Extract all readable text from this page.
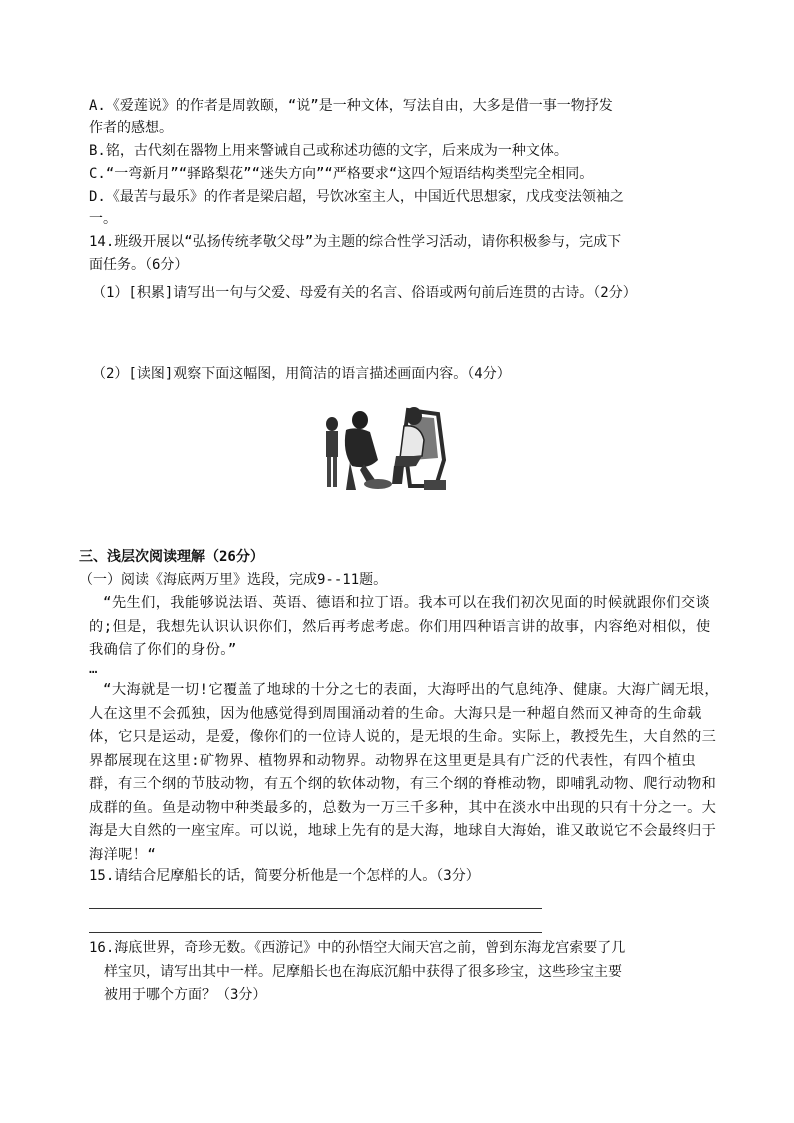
A.《爱莲说》的作者是周敦颐，“说”是一种文体，写法自由，大多是借一事一物抒发
作者的感想。
B.铭，古代刻在器物上用来警诫自己或称述功德的文字，后来成为一种文体。
C.“一弯新月”“驿路梨花”“迷失方向”“严格要求“这四个短语结构类型完全相同。
D.《最苦与最乐》的作者是梁启超，号饮冰室主人，中国近代思想家，戊戌变法领袖之
一。
14.班级开展以“弘扬传统孝敬父母”为主题的综合性学习活动，请你积极参与，完成下
面任务。（6分）
（1）[积累]请写出一句与父爱、母爱有关的名言、俗语或两句前后连贯的古诗。（2分）
（2）[读图]观察下面这幅图，用简洁的语言描述画面内容。（4分）
三、浅层次阅读理解（26分）
（一）阅读《海底两万里》选段，完成9--11题。
“先生们，我能够说法语、英语、德语和拉丁语。我本可以在我们初次见面的时候就跟你们交谈的;但是，我想先认识认识你们，然后再考虑考虑。你们用四种语言讲的故事，内容绝对相似，使我确信了你们的身份。”
…
“大海就是一切!它覆盖了地球的十分之七的表面，大海呼出的气息纯净、健康。大海广阔无垠，人在这里不会孤独，因为他感觉得到周围涌动着的生命。大海只是一种超自然而又神奇的生命载体，它只是运动，是爱，像你们的一位诗人说的，是无垠的生命。实际上，教授先生，大自然的三界都展现在这里:矿物界、植物界和动物界。动物界在这里更是具有广泛的代表性，有四个植虫群，有三个纲的节肢动物，有五个纲的软体动物，有三个纲的脊椎动物，即哺乳动物、爬行动物和成群的鱼。鱼是动物中种类最多的，总数为一万三千多种，其中在淡水中出现的只有十分之一。大海是大自然的一座宝库。可以说，地球上先有的是大海，地球自大海始，谁又敢说它不会最终归于海洋呢！“
15.请结合尼摩船长的话，简要分析他是一个怎样的人。（3分）
16.海底世界，奇珍无数。《西游记》中的孙悟空大闹天宫之前，曾到东海龙宫索要了几
样宝贝，请写出其中一样。尼摩船长也在海底沉船中获得了很多珍宝，这些珍宝主要
被用于哪个方面？（3分）
